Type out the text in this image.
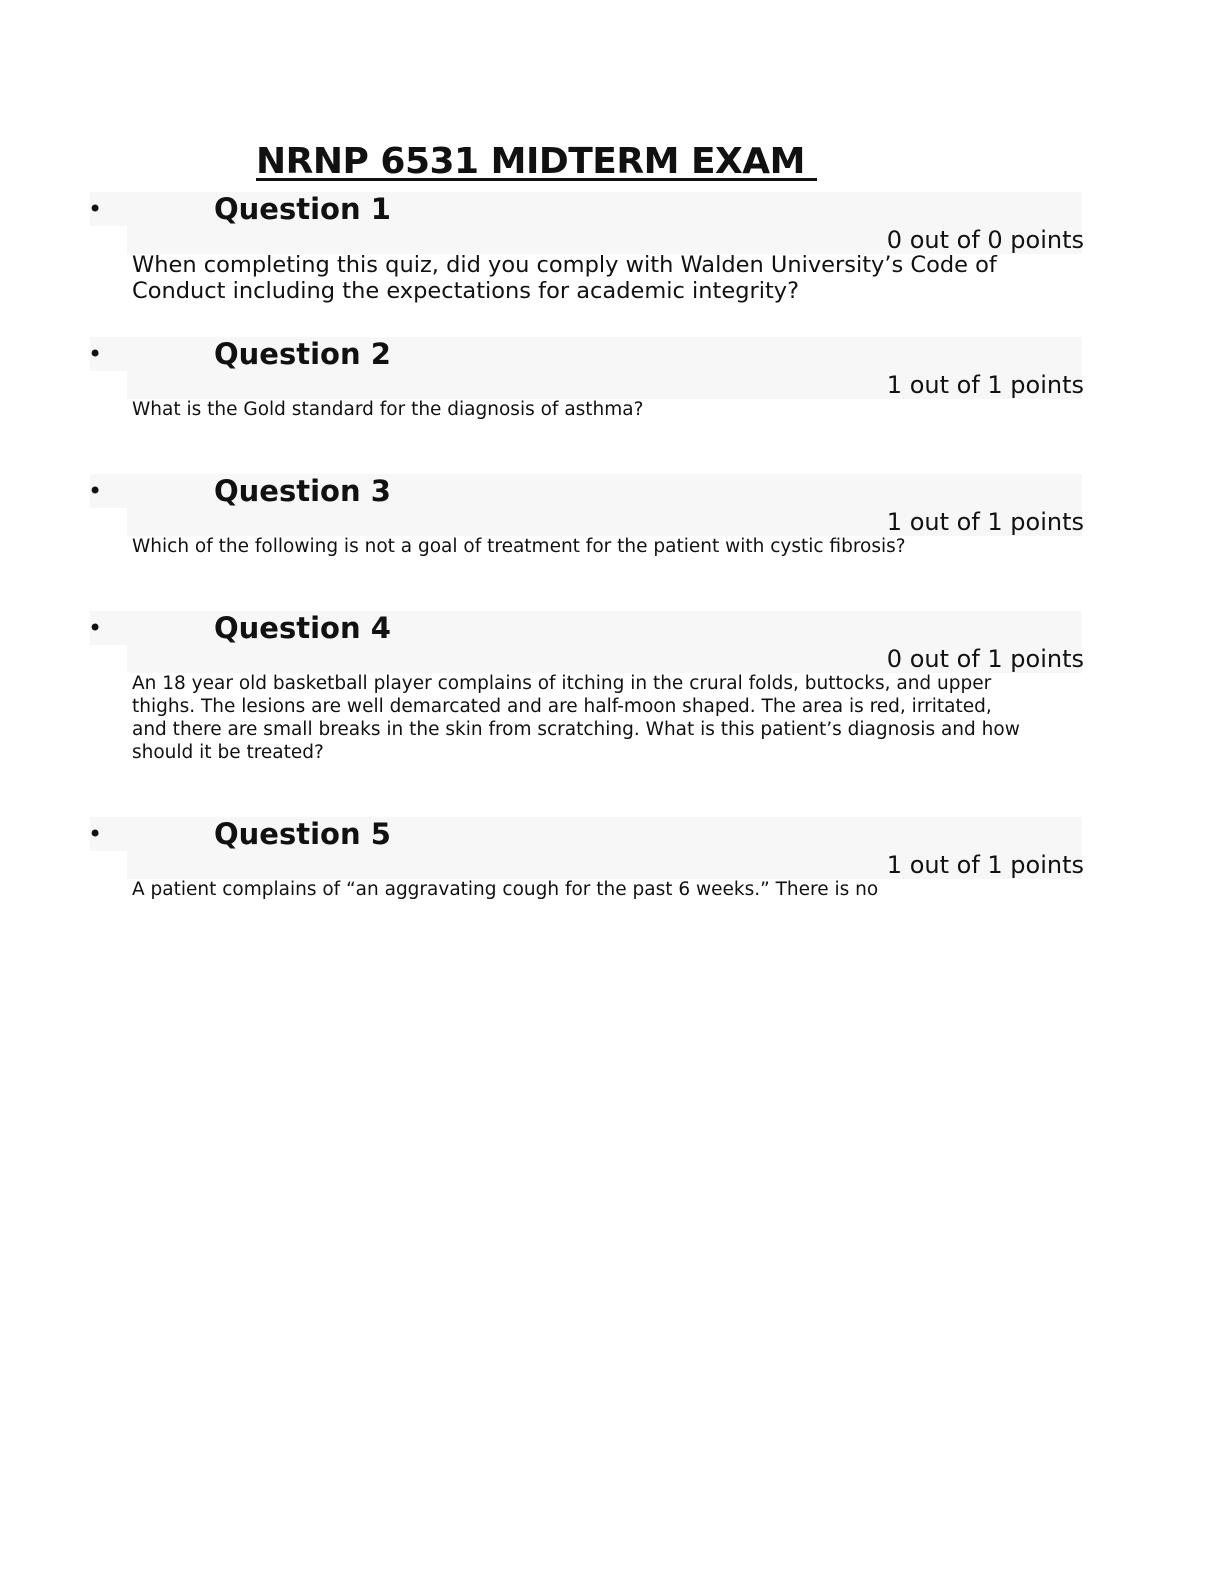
NRNP 6531 MIDTERM EXAM
•	Question 1
0 out of 0 points

When completing this quiz, did you comply with Walden University’s Code of Conduct including the expectations for academic integrity?

•	Question 2
1 out of 1 points

What is the Gold standard for the diagnosis of asthma?

•	Question 3
1 out of 1 points

Which of the following is not a goal of treatment for the patient with cystic fibrosis?

•	Question 4
0 out of 1 points

An 18 year old basketball player complains of itching in the crural folds, buttocks, and upper thighs. The lesions are well demarcated and are half-moon shaped. The area is red, irritated, and there are small breaks in the skin from scratching. What is this patient’s diagnosis and how should it be treated?

•	Question 5
1 out of 1 points

A patient complains of “an aggravating cough for the past 6 weeks.” There is no
